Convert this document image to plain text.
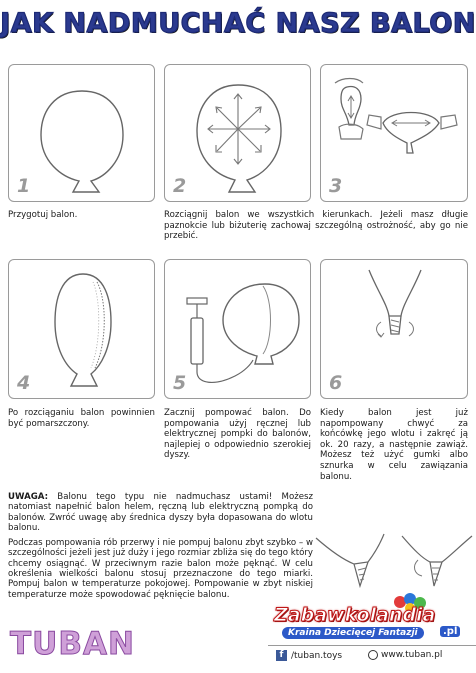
JAK NADMUCHAĆ NASZ BALON
1	2	3
Przygotuj balon.	Rozciągnij balon we wszystkich kierunkach. Jeżeli masz długie paznokcie lub biżuterię zachowaj szczególną ostrożność, aby go nie przebić.
4	5	6
Po rozciąganiu balon powinnien być pomarszczony.
Zacznij pompować balon. Do pompowania użyj ręcznej lub elektrycznej pompki do balonów, najlepiej o odpowiednio szerokiej dyszy.
Kiedy balon jest już napompowany chwyć za końcówkę jego wlotu i zakręć ją ok. 20 razy, a następnie zawiąż. Możesz też użyć gumki albo sznurka w celu zawiązania balonu.

UWAGA: Balonu tego typu nie nadmuchasz ustami! Możesz natomiast napełnić balon helem, ręczną lub elektryczną pompką do balonów. Zwróć uwagę aby średnica dyszy była dopasowana do wlotu balonu.

Podczas pompowania rób przerwy i nie pompuj balonu zbyt szybko – w szczególności jeżeli jest już duży i jego rozmiar zbliża się do tego który chcemy osiągnąć. W przeciwnym razie balon może pęknąć. W celu określenia wielkości balonu stosuj przeznaczone do tego miarki. Pompuj balon w temperaturze pokojowej. Pompowanie w zbyt niskiej temperaturze może spowodować pęknięcie balonu.

TUBAN
Zabawkolandia
Kraina Dziecięcej Fantazji	.pl
f /tuban.toys	www.tuban.pl
